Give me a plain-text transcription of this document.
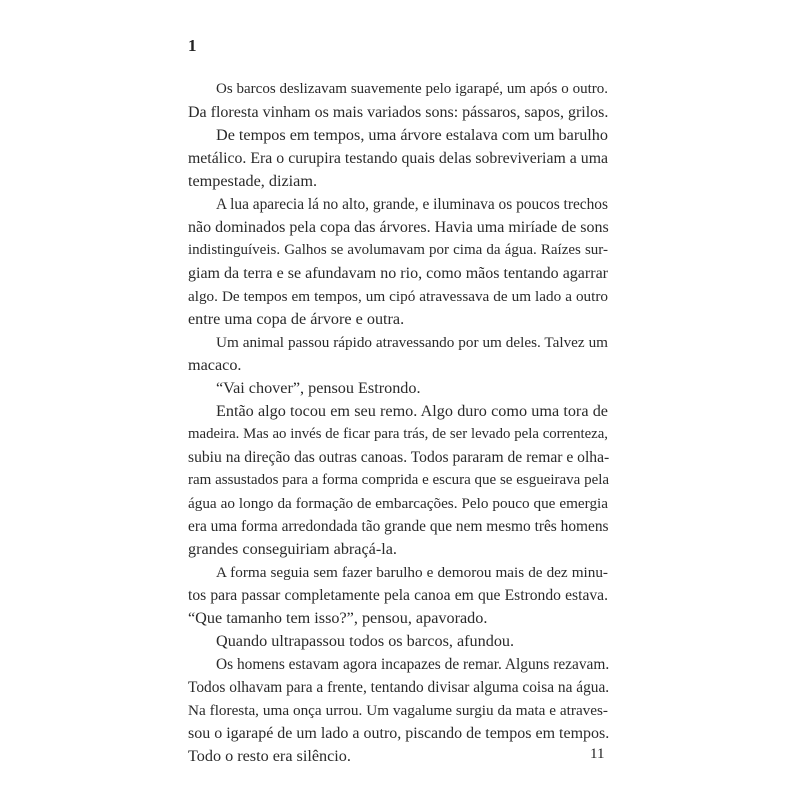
1
Os barcos deslizavam suavemente pelo igarapé, um após o outro.
Da floresta vinham os mais variados sons: pássaros, sapos, grilos.
De tempos em tempos, uma árvore estalava com um barulho
metálico. Era o curupira testando quais delas sobreviveriam a uma
tempestade, diziam.
A lua aparecia lá no alto, grande, e iluminava os poucos trechos
não dominados pela copa das árvores. Havia uma miríade de sons
indistinguíveis. Galhos se avolumavam por cima da água. Raízes sur-
giam da terra e se afundavam no rio, como mãos tentando agarrar
algo. De tempos em tempos, um cipó atravessava de um lado a outro
entre uma copa de árvore e outra.
Um animal passou rápido atravessando por um deles. Talvez um
macaco.
“Vai chover”, pensou Estrondo.
Então algo tocou em seu remo. Algo duro como uma tora de
madeira. Mas ao invés de ficar para trás, de ser levado pela correnteza,
subiu na direção das outras canoas. Todos pararam de remar e olha-
ram assustados para a forma comprida e escura que se esgueirava pela
água ao longo da formação de embarcações. Pelo pouco que emergia
era uma forma arredondada tão grande que nem mesmo três homens
grandes conseguiriam abraçá-la.
A forma seguia sem fazer barulho e demorou mais de dez minu-
tos para passar completamente pela canoa em que Estrondo estava.
“Que tamanho tem isso?”, pensou, apavorado.
Quando ultrapassou todos os barcos, afundou.
Os homens estavam agora incapazes de remar. Alguns rezavam.
Todos olhavam para a frente, tentando divisar alguma coisa na água.
Na floresta, uma onça urrou. Um vagalume surgiu da mata e atraves-
sou o igarapé de um lado a outro, piscando de tempos em tempos.
Todo o resto era silêncio.	11
